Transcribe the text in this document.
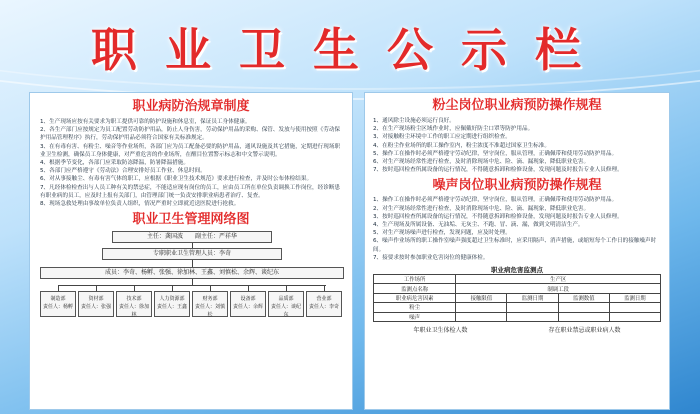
职业卫生公示栏
职业病防治规章制度

1、生产现场应按有关要求为职工提供可靠的防护设施和休息室，保证员工身体健康。

2、各生产部门应按规定为员工配置劳动防护用品，防止人身伤害，劳动保护用品的采购、保管、发放与使用按照《劳动保护用品管理程序》执行，劳动保护用品必须符合国家有关标准规定。

3、在有毒有害、有粉尘、噪音等作业场所，各部门应为员工配备必要的防护用品，通风设施及其它措施，定期进行现场职业卫生检测，确保员工身体健康，对严重危害的作业场所，在醒目位置警示标志和中文警示说明。

4、根据季节变化，各部门应采取防冻降温，防暑降温措施。

5、各部门应严格遵守《劳动法》合理安排好员工作业、休息时间。

6、对从事接触尘、有毒有害气体的职工，应根据《职业卫生技术规范》要求进行检查，并及时公布体检结果。

7、凡经体检检查出与人员工种有关的禁忌症，不能适应现有岗位的员工，应由员工所在单位负责调换工作岗位，经诊断患有职业病的员工，应及时上报有关部门，由管理部门统一负责安排职业病患者治疗、复查。

8、现场急救处理由事故单位负责人组织，情况严重时立即就近送医院进行抢救。

职业卫生管理网络图
主任：龚国波　　副主任：严祥华
专职职业卫生管理人员：李奇
成员：李奇、杨孵、张强、徐加林、王鑫、刘慎松、余辉、谈纪东
制造部
责任人：杨孵
资材部
责任人：张强
技术部
责任人：徐加林
人力资源部
责任人：王鑫
财务部
责任人：刘慎松
设备部
责任人：余辉
品质部
责任人：谈纪东
营业部
责任人：李奇
粉尘岗位职业病预防操作规程

1、通风除尘设施必须运行良好。

2、在生产现场粉尘区域作业时，应佩戴好防尘口罩等防护用品。

3、对接触粉尘环境中工作的职工应定期进行组织检查。

4、在粉尘作业场所的职工操作室内，粉尘浓度不准超过国家卫生标准。

5、操作工在操作时必须严格遵守劳动纪律，坚守岗位，服从管理，正确佩带和使用劳动防护用品。

6、对生产现场经常性进行检查，及时消除现场中危、险、滴、漏现象，降低职业危害。

7、按时巡回检查所属设备的运行情况，不得随意拆卸和检修设备，发现问题及时报告专业人员修理。

噪声岗位职业病预防操作规程

1、操作工在操作时必须严格遵守劳动纪律，坚守岗位，服从管理，正确佩带和使用劳动防护用品。

2、对生产现场经常性进行检查，及时消除现场中危、险、滴、漏现象，降低职业危害。

3、按时巡回检查所属设备的运行情况，不得随意拆卸和检修设备，发现问题及时报告专业人员修理。

4、生产现场及所属设备、无油垢、无灰尘、不跑、冒、滴、漏，做到文明清洁生产。

5、对生产现场噪声进行检查，发现问题，应及时处理。

6、噪声作业场所的职工操作室噪声强度超过卫生标准时，应采用隔声、消声措施，或缩短每个工作日的接触噪声时间。

7、接要求按时参加职业危害岗位的健康体检。

职业病危害监测点
工作场所	生产区			
监测点名称	制调工段			
职业病危害因素	接触限值	监测日期	监测数值	监测日期
粉尘				
噪声				
年职业卫生体检人数	存在职业禁忌或职业病人数
